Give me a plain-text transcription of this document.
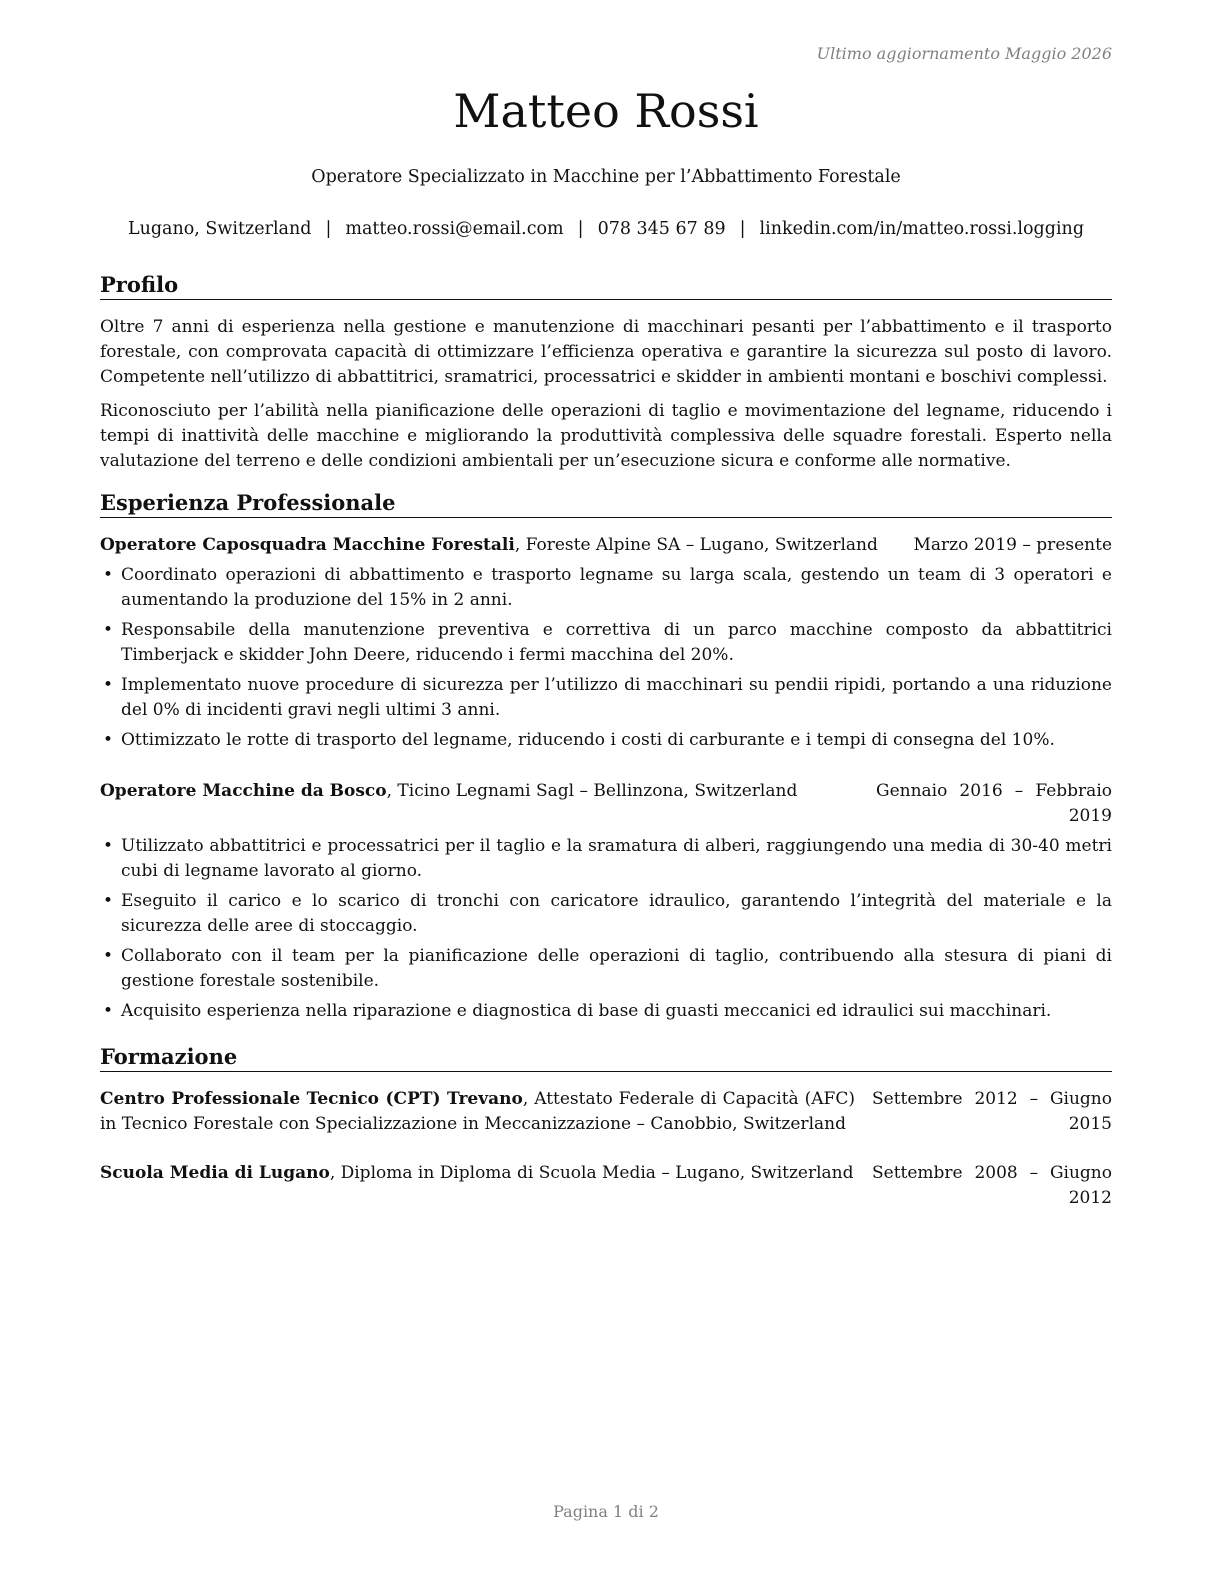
Ultimo aggiornamento Maggio 2026
Matteo Rossi
Operatore Specializzato in Macchine per l’Abbattimento Forestale
Lugano, Switzerland | matteo.rossi@email.com | 078 345 67 89 | linkedin.com/in/matteo.rossi.logging
Profilo
Oltre 7 anni di esperienza nella gestione e manutenzione di macchinari pesanti per l’abbattimento e il trasporto forestale, con comprovata capacità di ottimizzare l’efficienza operativa e garantire la sicurezza sul posto di lavoro. Competente nell’utilizzo di abbattitrici, sramatrici, processatrici e skidder in ambienti montani e boschivi complessi.
Riconosciuto per l’abilità nella pianificazione delle operazioni di taglio e movimentazione del legname, riducendo i tempi di inattività delle macchine e migliorando la produttività complessiva delle squadre forestali. Esperto nella valutazione del terreno e delle condizioni ambientali per un’esecuzione sicura e conforme alle normative.
Esperienza Professionale
Operatore Caposquadra Macchine Forestali, Foreste Alpine SA – Lugano, Switzerland Marzo 2019 – presente
• Coordinato operazioni di abbattimento e trasporto legname su larga scala, gestendo un team di 3 operatori e aumentando la produzione del 15% in 2 anni.
• Responsabile della manutenzione preventiva e correttiva di un parco macchine composto da abbattitrici Timberjack e skidder John Deere, riducendo i fermi macchina del 20%.
• Implementato nuove procedure di sicurezza per l’utilizzo di macchinari su pendii ripidi, portando a una riduzione del 0% di incidenti gravi negli ultimi 3 anni.
• Ottimizzato le rotte di trasporto del legname, riducendo i costi di carburante e i tempi di consegna del 10%.
Operatore Macchine da Bosco, Ticino Legnami Sagl – Bellinzona, Switzerland	Gennaio 2016 – Febbraio 2019
• Utilizzato abbattitrici e processatrici per il taglio e la sramatura di alberi, raggiungendo una media di 30-40 metri cubi di legname lavorato al giorno.
• Eseguito il carico e lo scarico di tronchi con caricatore idraulico, garantendo l’integrità del materiale e la sicurezza delle aree di stoccaggio.
• Collaborato con il team per la pianificazione delle operazioni di taglio, contribuendo alla stesura di piani di gestione forestale sostenibile.
• Acquisito esperienza nella riparazione e diagnostica di base di guasti meccanici ed idraulici sui macchinari.
Formazione
Centro Professionale Tecnico (CPT) Trevano, Attestato Federale di Capacità (AFC) in Tecnico Forestale con Specializzazione in Meccanizzazione – Canobbio, Switzerland
Settembre 2012 – Giugno 2015
Scuola Media di Lugano, Diploma in Diploma di Scuola Media – Lugano, Switzerland Settembre 2008 – Giugno 2012
Pagina 1 di 2
